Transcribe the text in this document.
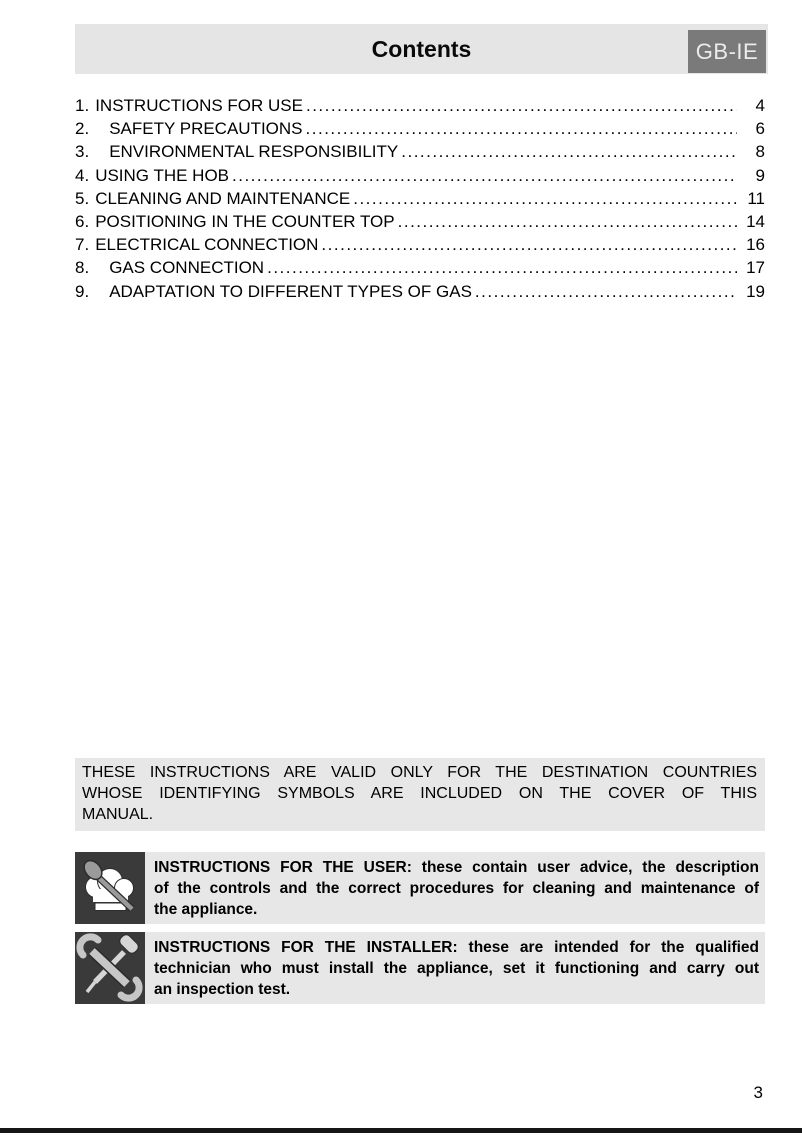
Contents	GB-IE
1. INSTRUCTIONS FOR USE .....	4
2. SAFETY PRECAUTIONS .....	6
3. ENVIRONMENTAL RESPONSIBILITY .....	8
4. USING THE HOB .....	9
5. CLEANING AND MAINTENANCE .....	11
6. POSITIONING IN THE COUNTER TOP .....	14
7. ELECTRICAL CONNECTION .....	16
8. GAS CONNECTION .....	17
9. ADAPTATION TO DIFFERENT TYPES OF GAS .....	19
THESE INSTRUCTIONS ARE VALID ONLY FOR THE DESTINATION COUNTRIES
WHOSE IDENTIFYING SYMBOLS ARE INCLUDED ON THE COVER OF THIS
MANUAL.
INSTRUCTIONS FOR THE USER: these contain user advice, the description
of the controls and the correct procedures for cleaning and maintenance of
the appliance.
INSTRUCTIONS FOR THE INSTALLER: these are intended for the qualified
technician who must install the appliance, set it functioning and carry out
an inspection test.
3
